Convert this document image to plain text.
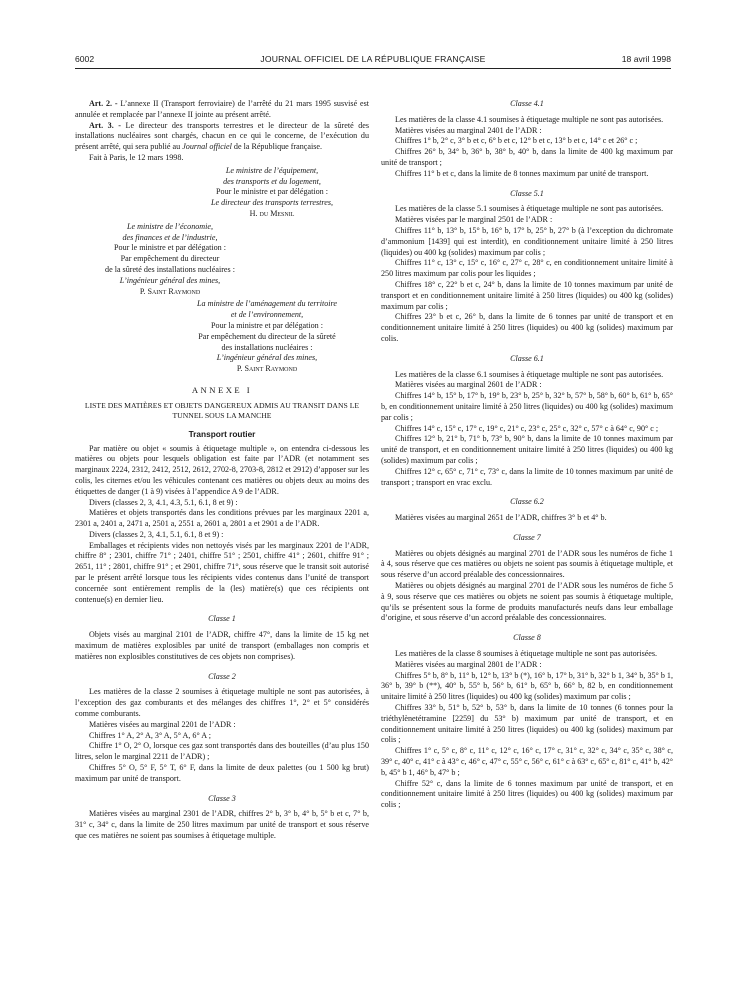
6002	JOURNAL OFFICIEL DE LA RÉPUBLIQUE FRANÇAISE	18 avril 1998

Art. 2. - L’annexe II (Transport ferroviaire) de l’arrêté du 21 mars 1995 susvisé est annulée et remplacée par l’annexe II jointe au présent arrêté.

Art. 3. - Le directeur des transports terrestres et le directeur de la sûreté des installations nucléaires sont chargés, chacun en ce qui le concerne, de l’exécution du présent arrêté, qui sera publié au Journal officiel de la République française.

Fait à Paris, le 12 mars 1998.

Le ministre de l’équipement,

des transports et du logement,

Pour le ministre et par délégation :

Le directeur des transports terrestres,

H. du Mesnil

Le ministre de l’économie,

des finances et de l’industrie,

Pour le ministre et par délégation :

Par empêchement du directeur

de la sûreté des installations nucléaires :

L’ingénieur général des mines,

P. Saint Raymond

La ministre de l’aménagement du territoire

et de l’environnement,

Pour la ministre et par délégation :

Par empêchement du directeur de la sûreté

des installations nucléaires :

L’ingénieur général des mines,

P. Saint Raymond

ANNEXE I

LISTE DES MATIÈRES ET OBJETS DANGEREUX ADMIS AU TRANSIT DANS LE TUNNEL SOUS LA MANCHE

Transport routier

Par matière ou objet « soumis à étiquetage multiple », on entendra ci-dessous les matières ou objets pour lesquels obligation est faite par l’ADR (et notamment ses marginaux 2224, 2312, 2412, 2512, 2612, 2702-8, 2703-8, 2812 et 2912) d’apposer sur les colis, les citernes et/ou les véhicules contenant ces matières ou objets deux au moins des étiquettes de danger (1 à 9) visées à l’appendice A 9 de l’ADR.

Divers (classes 2, 3, 4.1, 4.3, 5.1, 6.1, 8 et 9) :

Matières et objets transportés dans les conditions prévues par les marginaux 2201 a, 2301 a, 2401 a, 2471 a, 2501 a, 2551 a, 2601 a, 2801 a et 2901 a de l’ADR.

Divers (classes 2, 3, 4.1, 5.1, 6.1, 8 et 9) :

Emballages et récipients vides non nettoyés visés par les marginaux 2201 de l’ADR, chiffre 8° ; 2301, chiffre 71° ; 2401, chiffre 51° ; 2501, chiffre 41° ; 2601, chiffre 91° ; 2651, 11° ; 2801, chiffre 91° ; et 2901, chiffre 71°, sous réserve que le transit soit autorisé par le présent arrêté lorsque tous les récipients vides contenus dans l’unité de transport concernée sont entièrement remplis de la (les) matière(s) que ces récipients ont contenue(s) en dernier lieu.

Classe 1

Objets visés au marginal 2101 de l’ADR, chiffre 47°, dans la limite de 15 kg net maximum de matières explosibles par unité de transport (emballages non compris et matières non explosibles constitutives de ces objets non comprises).

Classe 2

Les matières de la classe 2 soumises à étiquetage multiple ne sont pas autorisées, à l’exception des gaz comburants et des mélanges des chiffres 1°, 2° et 5° considérés comme comburants.

Matières visées au marginal 2201 de l’ADR :

Chiffres 1° A, 2° A, 3° A, 5° A, 6° A ;

Chiffre 1° O, 2° O, lorsque ces gaz sont transportés dans des bouteilles (d’au plus 150 litres, selon le marginal 2211 de l’ADR) ;

Chiffres 5° O, 5° F, 5° T, 6° F, dans la limite de deux palettes (ou 1 500 kg brut) maximum par unité de transport.

Classe 3

Matières visées au marginal 2301 de l’ADR, chiffres 2° b, 3° b, 4° b, 5° b et c, 7° b, 31° c, 34° c, dans la limite de 250 litres maximum par unité de transport et sous réserve que ces matières ne soient pas soumises à étiquetage multiple.

Classe 4.1

Les matières de la classe 4.1 soumises à étiquetage multiple ne sont pas autorisées.

Matières visées au marginal 2401 de l’ADR :

Chiffres 1° b, 2° c, 3° b et c, 6° b et c, 12° b et c, 13° b et c, 14° c et 26° c ;

Chiffres 26° b, 34° b, 36° b, 38° b, 40° b, dans la limite de 400 kg maximum par unité de transport ;

Chiffres 11° b et c, dans la limite de 8 tonnes maximum par unité de transport.

Classe 5.1

Les matières de la classe 5.1 soumises à étiquetage multiple ne sont pas autorisées.

Matières visées par le marginal 2501 de l’ADR :

Chiffres 11° b, 13° b, 15° b, 16° b, 17° b, 25° b, 27° b (à l’exception du dichromate d’ammonium [1439] qui est interdit), en conditionnement unitaire limité à 250 litres (liquides) ou 400 kg (solides) maximum par colis ;

Chiffres 11° c, 13° c, 15° c, 16° c, 27° c, 28° c, en conditionnement unitaire limité à 250 litres maximum par colis pour les liquides ;

Chiffres 18° c, 22° b et c, 24° b, dans la limite de 10 tonnes maximum par unité de transport et en conditionnement unitaire limité à 250 litres (liquides) ou 400 kg (solides) maximum par colis ;

Chiffres 23° b et c, 26° b, dans la limite de 6 tonnes par unité de transport et en conditionnement unitaire limité à 250 litres (liquides) ou 400 kg (solides) maximum par colis.

Classe 6.1

Les matières de la classe 6.1 soumises à étiquetage multiple ne sont pas autorisées.

Matières visées au marginal 2601 de l’ADR :

Chiffres 14° b, 15° b, 17° b, 19° b, 23° b, 25° b, 32° b, 57° b, 58° b, 60° b, 61° b, 65° b, en conditionnement unitaire limité à 250 litres (liquides) ou 400 kg (solides) maximum par colis ;

Chiffres 14° c, 15° c, 17° c, 19° c, 21° c, 23° c, 25° c, 32° c, 57° c à 64° c, 90° c ;

Chiffres 12° b, 21° b, 71° b, 73° b, 90° b, dans la limite de 10 tonnes maximum par unité de transport, et en conditionnement unitaire limité à 250 litres (liquides) ou 400 kg (solides) maximum par colis ;

Chiffres 12° c, 65° c, 71° c, 73° c, dans la limite de 10 tonnes maximum par unité de transport ; transport en vrac exclu.

Classe 6.2

Matières visées au marginal 2651 de l’ADR, chiffres 3° b et 4° b.

Classe 7

Matières ou objets désignés au marginal 2701 de l’ADR sous les numéros de fiche 1 à 4, sous réserve que ces matières ou objets ne soient pas soumis à étiquetage multiple, et sous réserve d’un accord préalable des concessionnaires.

Matières ou objets désignés au marginal 2701 de l’ADR sous les numéros de fiche 5 à 9, sous réserve que ces matières ou objets ne soient pas soumis à étiquetage multiple, qu’ils se présentent sous la forme de produits manufacturés neufs dans leur emballage d’origine, et sous réserve d’un accord préalable des concessionnaires.

Classe 8

Les matières de la classe 8 soumises à étiquetage multiple ne sont pas autorisées.

Matières visées au marginal 2801 de l’ADR :

Chiffres 5° b, 8° b, 11° b, 12° b, 13° b (*), 16° b, 17° b, 31° b, 32° b 1, 34° b, 35° b 1, 36° b, 39° b (**), 40° b, 55° b, 56° b, 61° b, 65° b, 66° b, 82 b, en conditionnement unitaire limité à 250 litres (liquides) ou 400 kg (solides) maximum par colis ;

Chiffres 33° b, 51° b, 52° b, 53° b, dans la limite de 10 tonnes (6 tonnes pour la triéthylènetétramine [2259] du 53° b) maximum par unité de transport, et en conditionnement unitaire limité à 250 litres (liquides) ou 400 kg (solides) maximum par colis ;

Chiffres 1° c, 5° c, 8° c, 11° c, 12° c, 16° c, 17° c, 31° c, 32° c, 34° c, 35° c, 38° c, 39° c, 40° c, 41° c à 43° c, 46° c, 47° c, 55° c, 56° c, 61° c à 63° c, 65° c, 81° c, 41° b, 42° b, 45° b 1, 46° b, 47° b ;

Chiffre 52° c, dans la limite de 6 tonnes maximum par unité de transport, et en conditionnement unitaire limité à 250 litres (liquides) ou 400 kg (solides) maximum par colis ;
